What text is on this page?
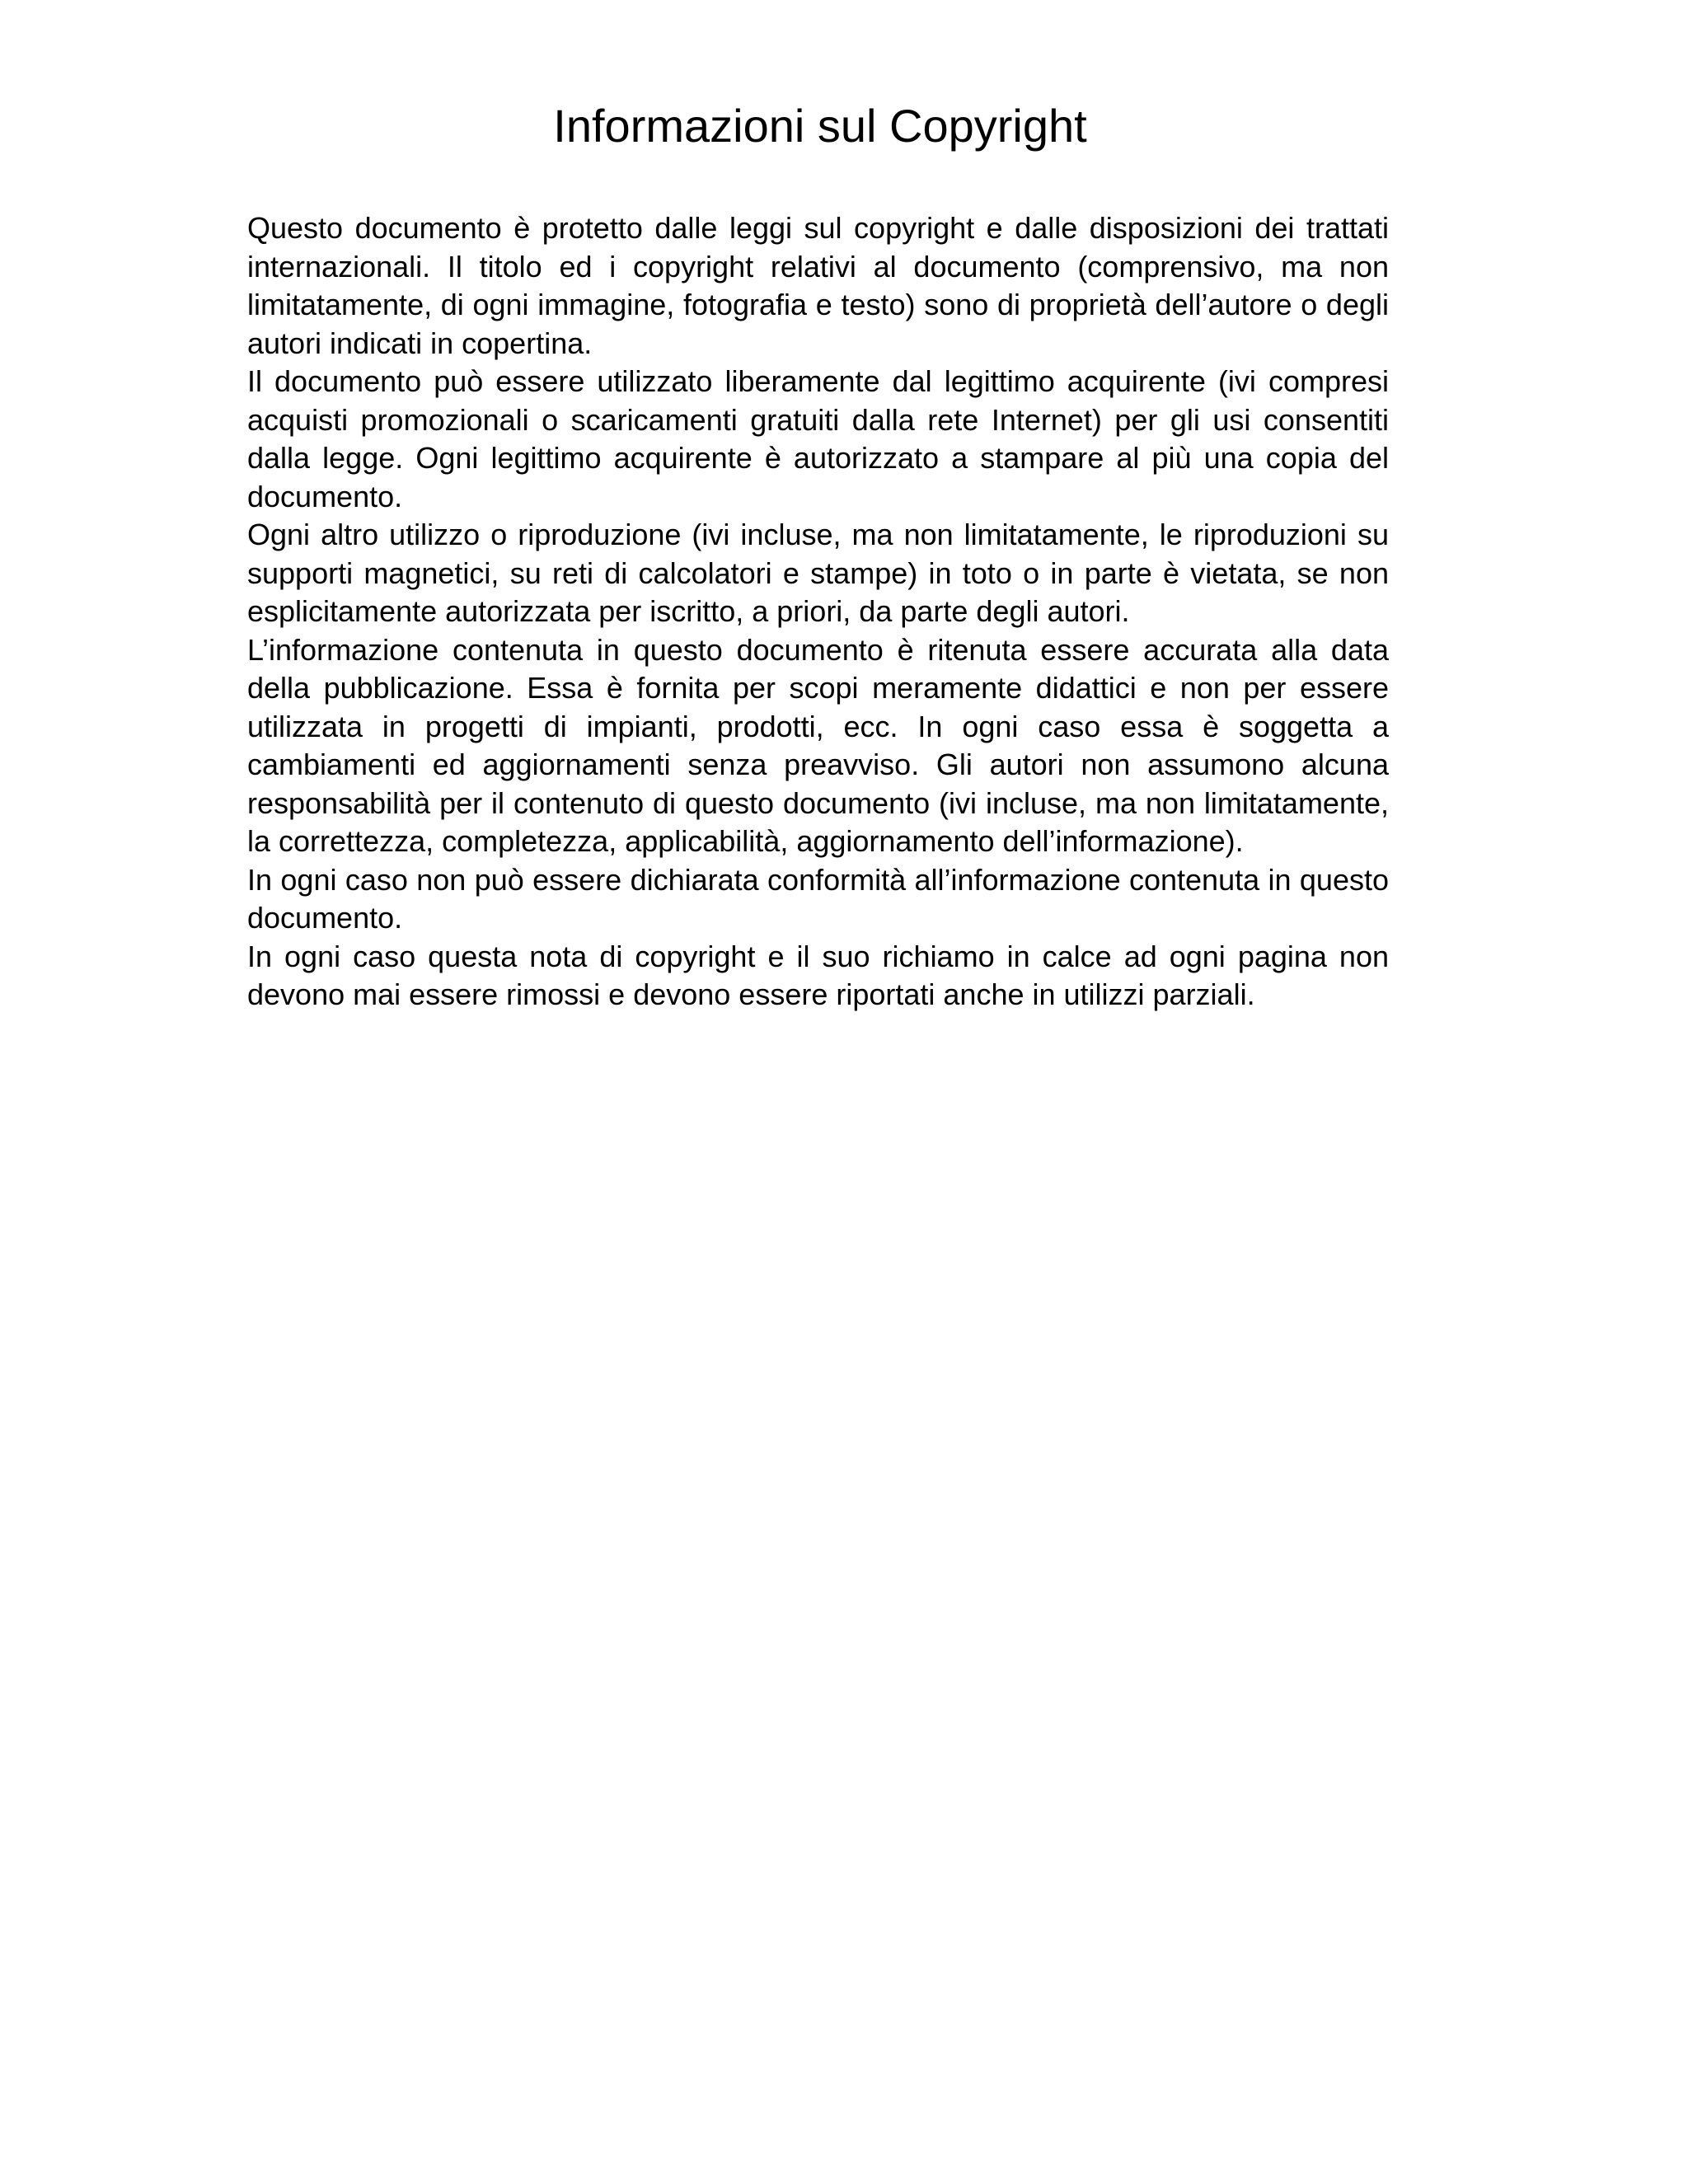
Informazioni sul Copyright

Questo documento è protetto dalle leggi sul copyright e dalle disposizioni dei trattati internazionali. Il titolo ed i copyright relativi al documento (comprensivo, ma non limitatamente, di ogni immagine, fotografia e testo) sono di proprietà dell’autore o degli autori indicati in copertina.

Il documento può essere utilizzato liberamente dal legittimo acquirente (ivi compresi acquisti promozionali o scaricamenti gratuiti dalla rete Internet) per gli usi consentiti dalla legge. Ogni legittimo acquirente è autorizzato a stampare al più una copia del documento.

Ogni altro utilizzo o riproduzione (ivi incluse, ma non limitatamente, le riproduzioni su supporti magnetici, su reti di calcolatori e stampe) in toto o in parte è vietata, se non esplicitamente autorizzata per iscritto, a priori, da parte degli autori.

L’informazione contenuta in questo documento è ritenuta essere accurata alla data della pubblicazione. Essa è fornita per scopi meramente didattici e non per essere utilizzata in progetti di impianti, prodotti, ecc. In ogni caso essa è soggetta a cambiamenti ed aggiornamenti senza preavviso. Gli autori non assumono alcuna responsabilità per il contenuto di questo documento (ivi incluse, ma non limitatamente, la correttezza, completezza, applicabilità, aggiornamento dell’informazione).

In ogni caso non può essere dichiarata conformità all’informazione contenuta in questo documento.

In ogni caso questa nota di copyright e il suo richiamo in calce ad ogni pagina non devono mai essere rimossi e devono essere riportati anche in utilizzi parziali.
